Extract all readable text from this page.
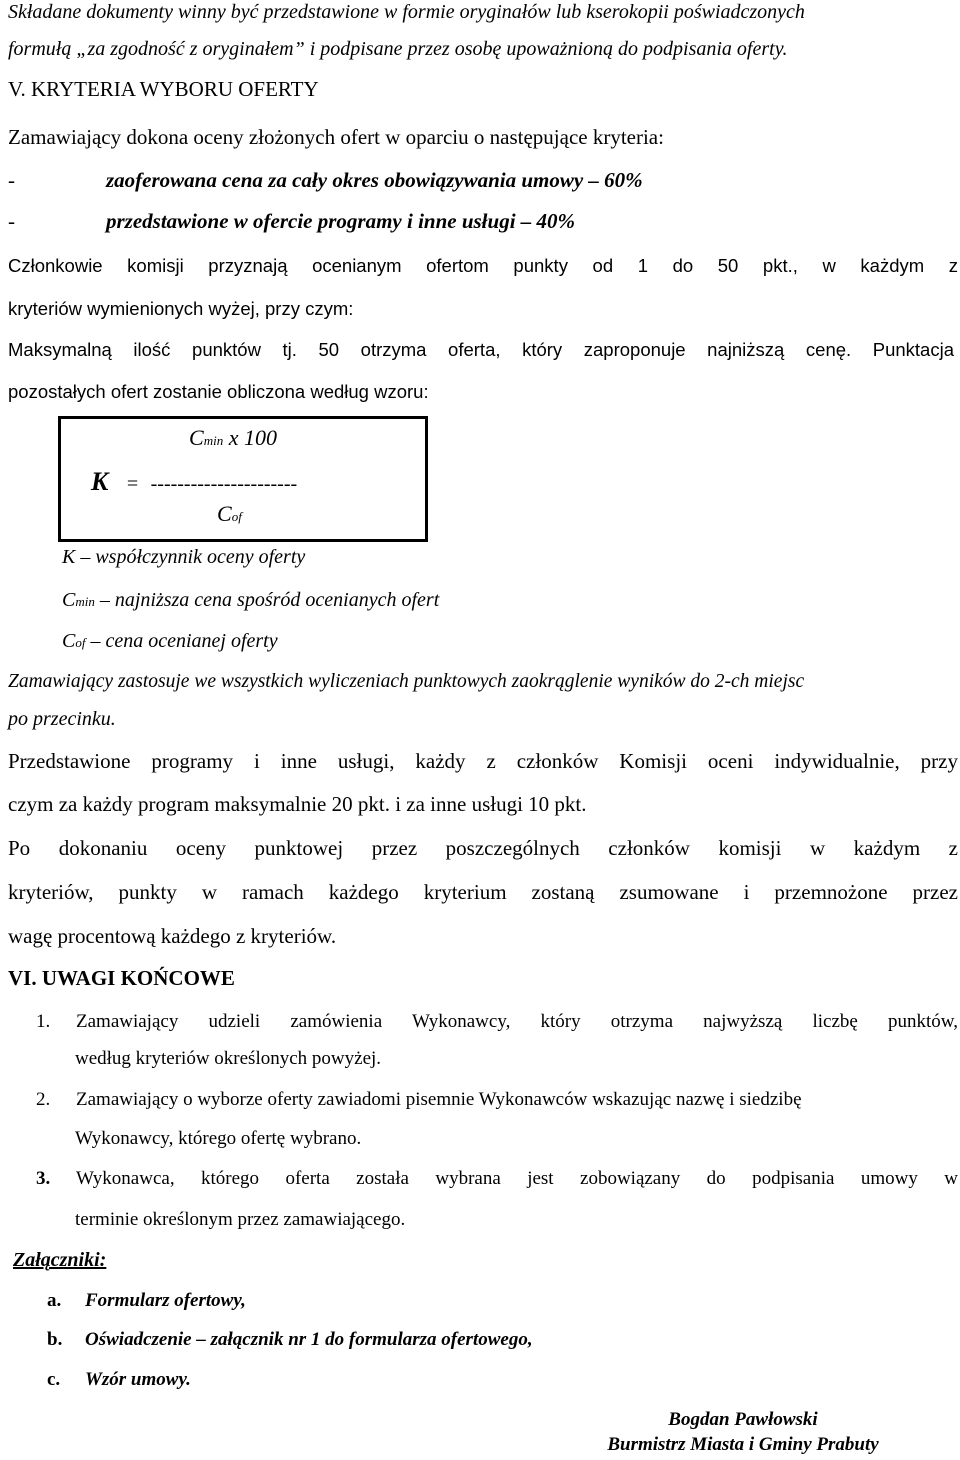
Składane dokumenty winny być przedstawione w formie oryginałów lub kserokopii poświadczonych
formułą „za zgodność z oryginałem” i podpisane przez osobę upoważnioną do podpisania oferty.
V. KRYTERIA WYBORU OFERTY
Zamawiający dokona oceny złożonych ofert w oparciu o następujące kryteria:
-	zaoferowana cena za cały okres obowiązywania umowy – 60%
-	przedstawione w ofercie programy i inne usługi – 40%
Członkowie komisji przyznają ocenianym ofertom punkty od 1 do 50 pkt., w każdym z
kryteriów wymienionych wyżej, przy czym:
Maksymalną ilość punktów tj. 50 otrzyma oferta, który zaproponuje najniższą cenę. Punktacja
pozostałych ofert zostanie obliczona według wzoru:
Cmin x 100
K = ----------------------
Cof
K – współczynnik oceny oferty
Cmin – najniższa cena spośród ocenianych ofert
Cof – cena ocenianej oferty
Zamawiający zastosuje we wszystkich wyliczeniach punktowych zaokrąglenie wyników do 2-ch miejsc
po przecinku.
Przedstawione programy i inne usługi, każdy z członków Komisji oceni indywidualnie, przy
czym za każdy program maksymalnie 20 pkt. i za inne usługi 10 pkt.
Po dokonaniu oceny punktowej przez poszczególnych członków komisji w każdym z
kryteriów, punkty w ramach każdego kryterium zostaną zsumowane i przemnożone przez
wagę procentową każdego z kryteriów.
VI. UWAGI KOŃCOWE
1. Zamawiający udzieli zamówienia Wykonawcy, który otrzyma najwyższą liczbę punktów,
według kryteriów określonych powyżej.
2. Zamawiający o wyborze oferty zawiadomi pisemnie Wykonawców wskazując nazwę i siedzibę
Wykonawcy, którego ofertę wybrano.
3. Wykonawca, którego oferta została wybrana jest zobowiązany do podpisania umowy w
terminie określonym przez zamawiającego.
Załączniki:
a. Formularz ofertowy,
b. Oświadczenie – załącznik nr 1 do formularza ofertowego,
c. Wzór umowy.
Bogdan Pawłowski
Burmistrz Miasta i Gminy Prabuty
